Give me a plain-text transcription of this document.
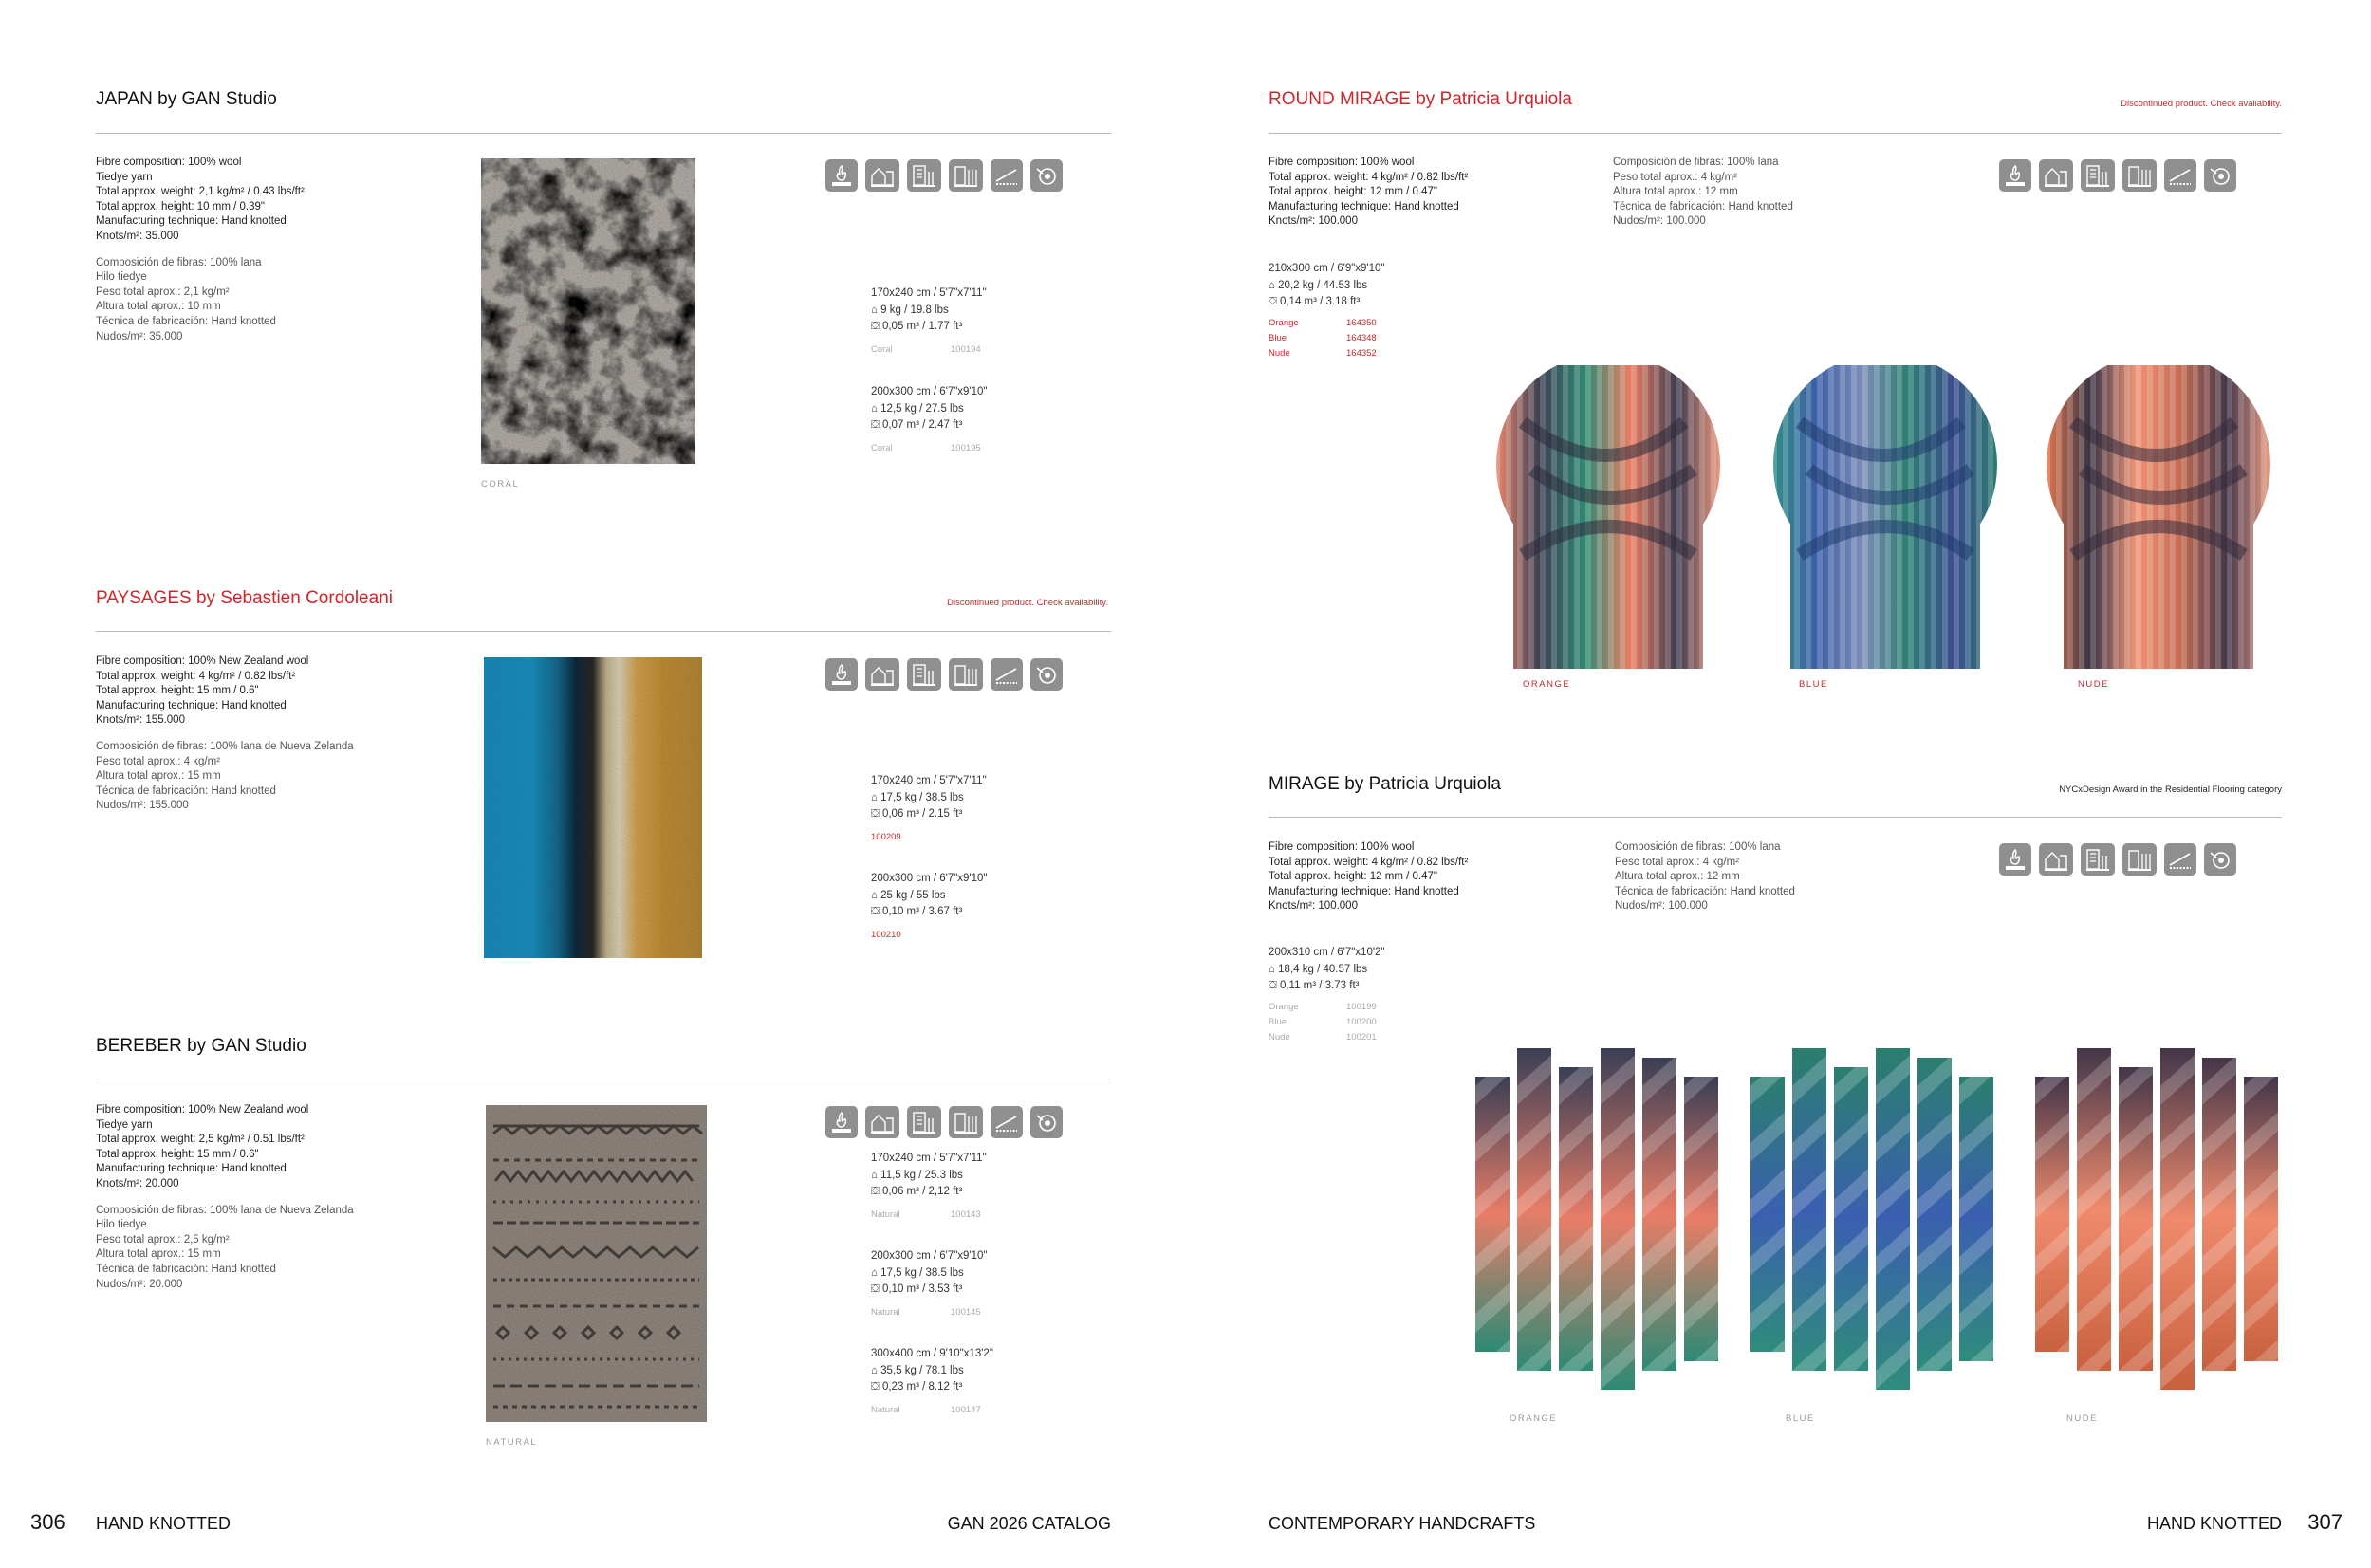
JAPAN by GAN Studio
Fibre composition: 100% wool
Tiedye yarn
Total approx. weight: 2,1 kg/m² / 0.43 lbs/ft²
Total approx. height: 10 mm / 0.39"
Manufacturing technique: Hand knotted
Knots/m²: 35.000
Composición de fibras: 100% lana
Hilo tiedye
Peso total aprox.: 2,1 kg/m²
Altura total aprox.: 10 mm
Técnica de fabricación: Hand knotted
Nudos/m²: 35.000
CORAL
170x240 cm / 5'7"x7'11"
⌂ 9 kg / 19.8 lbs
⛋ 0,05 m³ / 1.77 ft³
Coral	100194
200x300 cm / 6'7"x9'10"
⌂ 12,5 kg / 27.5 lbs
⛋ 0,07 m³ / 2.47 ft³
Coral	100195
PAYSAGES by Sebastien Cordoleani	Discontinued product. Check availability.
Fibre composition: 100% New Zealand wool
Total approx. weight: 4 kg/m² / 0.82 lbs/ft²
Total approx. height: 15 mm / 0.6"
Manufacturing technique: Hand knotted
Knots/m²: 155.000
Composición de fibras: 100% lana de Nueva Zelanda
Peso total aprox.: 4 kg/m²
Altura total aprox.: 15 mm
Técnica de fabricación: Hand knotted
Nudos/m²: 155.000
170x240 cm / 5'7"x7'11"
⌂ 17,5 kg / 38.5 lbs
⛋ 0,06 m³ / 2.15 ft³
100209
200x300 cm / 6'7"x9'10"
⌂ 25 kg / 55 lbs
⛋ 0,10 m³ / 3.67 ft³
100210
BEREBER by GAN Studio
Fibre composition: 100% New Zealand wool
Tiedye yarn
Total approx. weight: 2,5 kg/m² / 0.51 lbs/ft²
Total approx. height: 15 mm / 0.6"
Manufacturing technique: Hand knotted
Knots/m²: 20.000
Composición de fibras: 100% lana de Nueva Zelanda
Hilo tiedye
Peso total aprox.: 2,5 kg/m²
Altura total aprox.: 15 mm
Técnica de fabricación: Hand knotted
Nudos/m²: 20.000
NATURAL
170x240 cm / 5'7"x7'11"
⌂ 11,5 kg / 25.3 lbs
⛋ 0,06 m³ / 2,12 ft³
Natural	100143
200x300 cm / 6'7"x9'10"
⌂ 17,5 kg / 38.5 lbs
⛋ 0,10 m³ / 3.53 ft³
Natural	100145
300x400 cm / 9'10"x13'2"
⌂ 35,5 kg / 78.1 lbs
⛋ 0,23 m³ / 8.12 ft³
Natural	100147
306 HAND KNOTTED	GAN 2026 CATALOG
ROUND MIRAGE by Patricia Urquiola	Discontinued product. Check availability.
Fibre composition: 100% wool
Total approx. weight: 4 kg/m² / 0.82 lbs/ft²
Total approx. height: 12 mm / 0.47"
Manufacturing technique: Hand knotted
Knots/m²: 100.000
Composición de fibras: 100% lana
Peso total aprox.: 4 kg/m²
Altura total aprox.: 12 mm
Técnica de fabricación: Hand knotted
Nudos/m²: 100.000
210x300 cm / 6'9"x9'10"
⌂ 20,2 kg / 44.53 lbs
⛋ 0,14 m³ / 3.18 ft³
Orange	164350
Blue	164348
Nude	164352
ORANGE	BLUE	NUDE
MIRAGE by Patricia Urquiola	NYCxDesign Award in the Residential Flooring category
Fibre composition: 100% wool
Total approx. weight: 4 kg/m² / 0.82 lbs/ft²
Total approx. height: 12 mm / 0.47"
Manufacturing technique: Hand knotted
Knots/m²: 100.000
Composición de fibras: 100% lana
Peso total aprox.: 4 kg/m²
Altura total aprox.: 12 mm
Técnica de fabricación: Hand knotted
Nudos/m²: 100.000
200x310 cm / 6'7"x10'2"
⌂ 18,4 kg / 40.57 lbs
⛋ 0,11 m³ / 3.73 ft³
Orange	100199
Blue	100200
Nude	100201
ORANGE	BLUE	NUDE
CONTEMPORARY HANDCRAFTS	HAND KNOTTED 307
